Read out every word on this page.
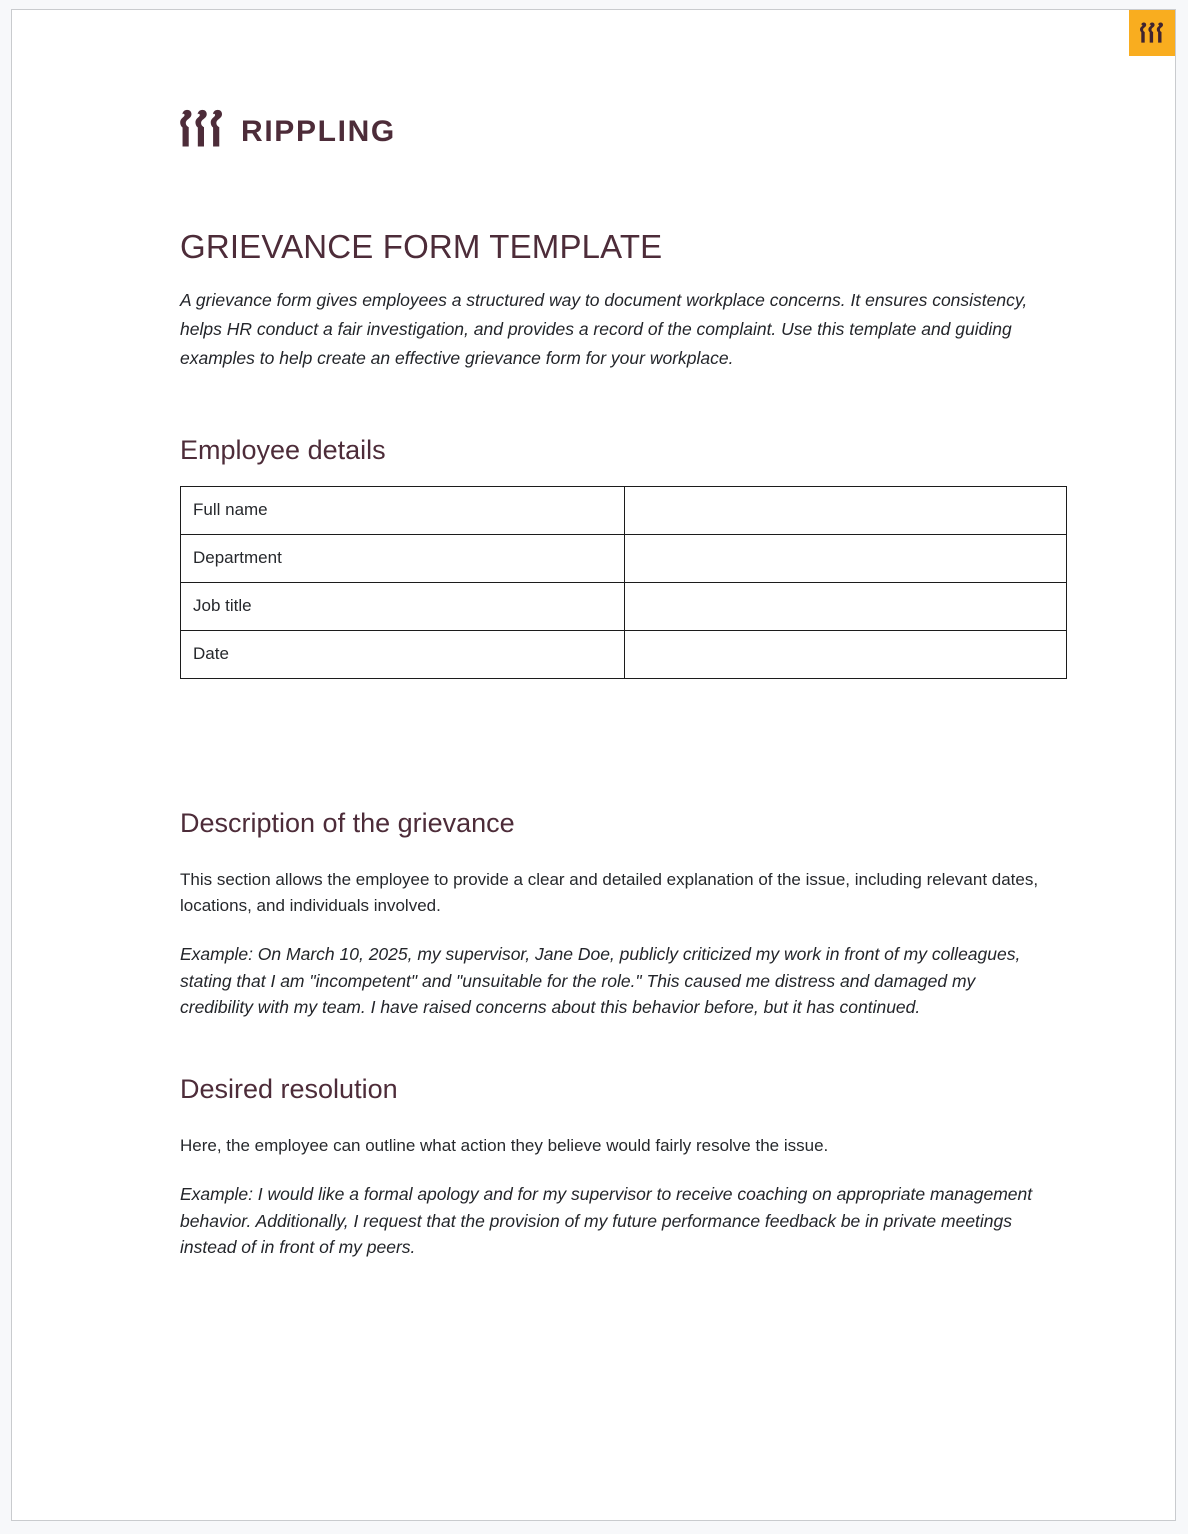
RIPPLING
GRIEVANCE FORM TEMPLATE

A grievance form gives employees a structured way to document workplace concerns. It ensures consistency, helps HR conduct a fair investigation, and provides a record of the complaint. Use this template and guiding examples to help create an effective grievance form for your workplace.

Employee details
Full name	
Department	
Job title	
Date	
Description of the grievance

This section allows the employee to provide a clear and detailed explanation of the issue, including relevant dates, locations, and individuals involved.

Example: On March 10, 2025, my supervisor, Jane Doe, publicly criticized my work in front of my colleagues, stating that I am "incompetent" and "unsuitable for the role." This caused me distress and damaged my credibility with my team. I have raised concerns about this behavior before, but it has continued.

Desired resolution

Here, the employee can outline what action they believe would fairly resolve the issue.

Example: I would like a formal apology and for my supervisor to receive coaching on appropriate management behavior. Additionally, I request that the provision of my future performance feedback be in private meetings instead of in front of my peers.
